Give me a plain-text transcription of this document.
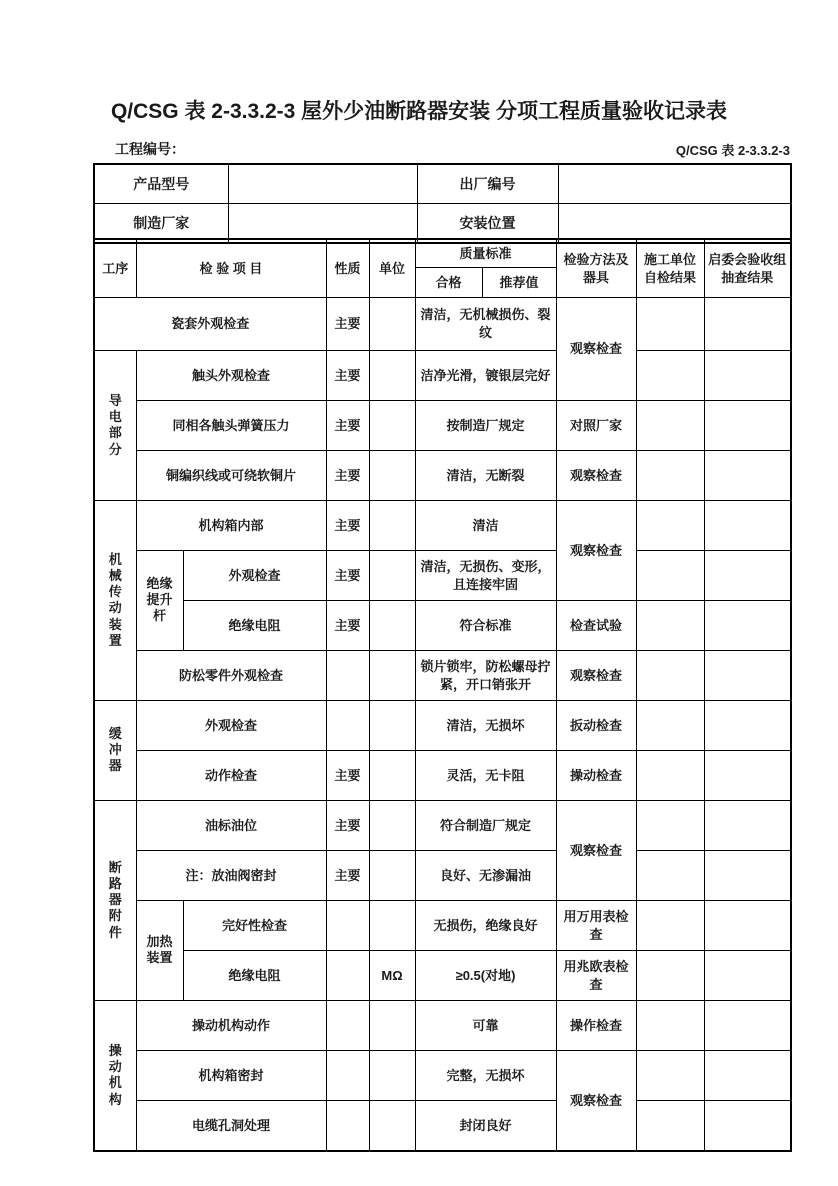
Q/CSG 表 2-3.3.2-3 屋外少油断路器安装 分项工程质量验收记录表
工程编号：	Q/CSG 表 2-3.3.2-3
产品型号		出厂编号	
制造厂家		安装位置	
工序	检 验 项 目		性质	单位	质量标准		检验方法及器具	施工单位自检结果	启委会验收组抽查结果
					合格	推荐值			
瓷套外观检查			主要		清洁，无机械损伤、裂纹		观察检查		
导电部分	触头外观检查		主要		洁净光滑，镀银层完好				
	同相各触头弹簧压力		主要		按制造厂规定		对照厂家		
	铜编织线或可绕软铜片		主要		清洁，无断裂		观察检查		
机械传动装置	机构箱内部		主要		清洁		观察检查		
	绝缘提升杆	外观检查	主要		清洁，无损伤、变形，且连接牢固				
		绝缘电阻	主要		符合标准		检查试验		
	防松零件外观检查				锁片锁牢，防松螺母拧紧，开口销张开		观察检查		
缓冲器	外观检查				清洁，无损坏		扳动检查		
	动作检查		主要		灵活，无卡阻		操动检查		
断路器附件	油标油位		主要		符合制造厂规定		观察检查		
	注：放油阀密封		主要		良好、无渗漏油				
	加热装置	完好性检查			无损伤，绝缘良好		用万用表检查		
		绝缘电阻		MΩ	≥0.5(对地)		用兆欧表检查		
操动机构	操动机构动作				可靠		操作检查		
	机构箱密封				完整，无损坏		观察检查		
	电缆孔洞处理				封闭良好				
